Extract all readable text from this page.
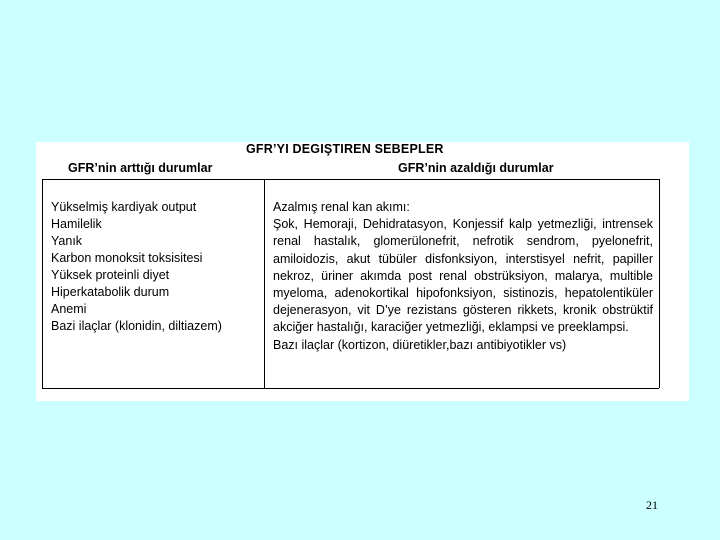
GFR’YI DEGIŞTIREN SEBEPLER
GFR’nin arttığı durumlar	GFR’nin azaldığı durumlar
Yükselmiş kardiyak output
Hamilelik
Yanık
Karbon monoksit toksisitesi
Yüksek proteinli diyet
Hiperkatabolik durum
Anemi
Bazi ilaçlar (klonidin, diltiazem)
Azalmış renal kan akımı:
Şok, Hemoraji, Dehidratasyon, Konjessif kalp yetmezliği, intrensek renal hastalık, glomerülonefrit, nefrotik sendrom, pyelonefrit, amiloidozis, akut tübüler disfonksiyon, interstisyel nefrit, papiller nekroz, üriner akımda post renal obstrüksiyon, malarya, multible myeloma, adenokortikal hipofonksiyon, sistinozis, hepatolentiküler dejenerasyon, vit D’ye rezistans gösteren rikkets, kronik obstrüktif akciğer hastalığı, karaciğer yetmezliği, eklampsi ve preeklampsi.
Bazı ilaçlar (kortizon, diüretikler,bazı antibiyotikler vs)
21
